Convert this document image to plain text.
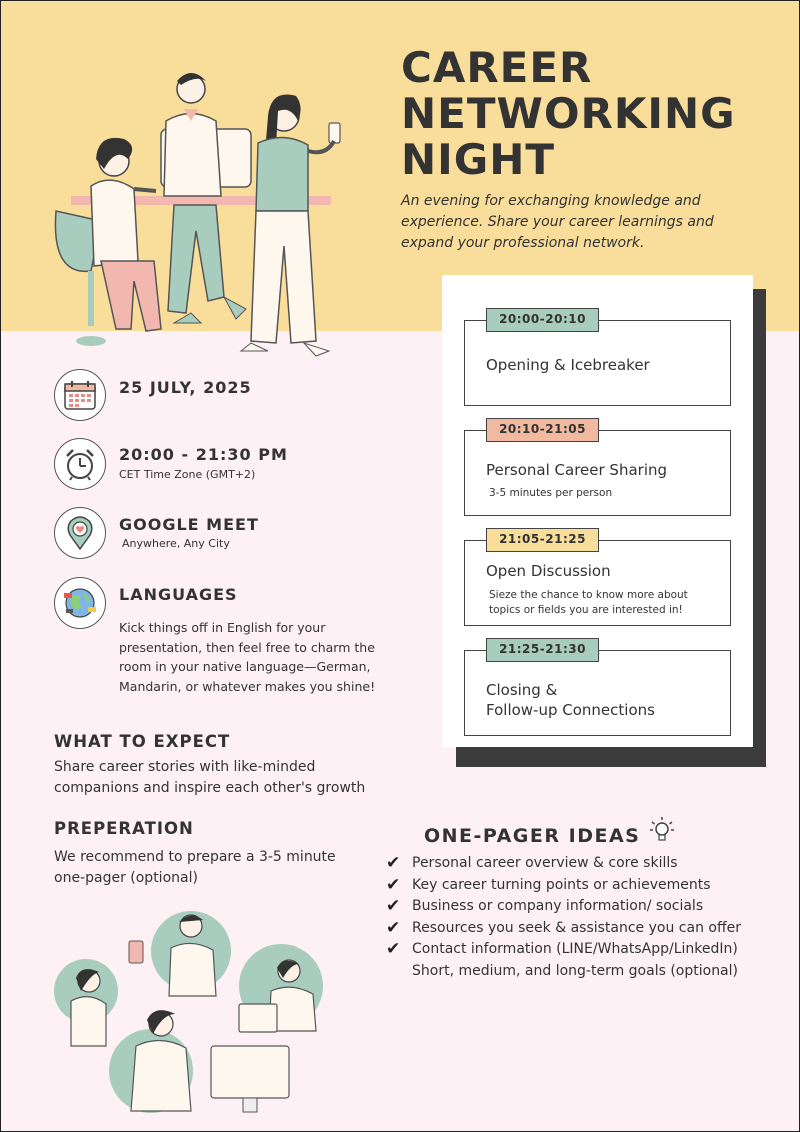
CAREER
NETWORKING
NIGHT
An evening for exchanging knowledge and experience. Share your career learnings and expand your professional network.
25 JULY, 2025
20:00 - 21:30 PM
CET Time Zone (GMT+2)
GOOGLE MEET
Anywhere, Any City
LANGUAGES
Kick things off in English for your presentation, then feel free to charm the room in your native language—German, Mandarin, or whatever makes you shine!
WHAT TO EXPECT
Share career stories with like-minded companions and inspire each other's growth
PREPERATION
We recommend to prepare a 3-5 minute one-pager (optional)
20:00-20:10
Opening & Icebreaker
20:10-21:05
Personal Career Sharing
3-5 minutes per person
21:05-21:25
Open Discussion
Sieze the chance to know more about topics or fields you are interested in!
21:25-21:30
Closing &
Follow-up Connections
ONE-PAGER IDEAS
✔ Personal career overview & core skills
✔ Key career turning points or achievements
✔ Business or company information/ socials
✔ Resources you seek & assistance you can offer
✔ Contact information (LINE/WhatsApp/LinkedIn)
Short, medium, and long-term goals (optional)
